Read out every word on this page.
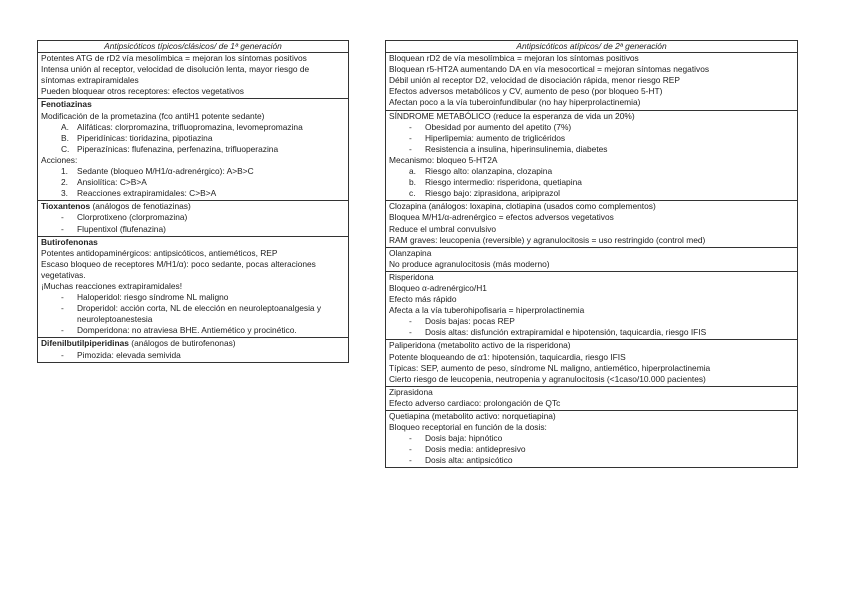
Antipsicóticos típicos/clásicos/ de 1ª generación
Potentes ATG de rD2 vía mesolímbica = mejoran los síntomas positivos
Intensa unión al receptor, velocidad de disolución lenta, mayor riesgo de síntomas extrapiramidales
Pueden bloquear otros receptores: efectos vegetativos
Fenotiazinas
Modificación de la prometazina (fco antiH1 potente sedante)
A. Alifáticas: clorpromazina, trifluopromazina, levomepromazina
B. Piperidínicas: tioridazina, pipotiazina
C. Piperazínicas: flufenazina, perfenazina, trifluoperazina
Acciones:
1. Sedante (bloqueo M/H1/α-adrenérgico): A>B>C
2. Ansiolítica: C>B>A
3. Reacciones extrapiramidales: C>B>A
Tioxantenos (análogos de fenotiazinas)
- Clorprotixeno (clorpromazina)
- Flupentixol (flufenazina)
Butirofenonas
Potentes antidopaminérgicos: antipsicóticos, antieméticos, REP
Escaso bloqueo de receptores M/H1/α): poco sedante, pocas alteraciones vegetativas.
¡Muchas reacciones extrapiramidales!
- Haloperidol: riesgo síndrome NL maligno
- Droperidol: acción corta, NL de elección en neuroleptoanalgesia y neuroleptoanestesia
- Domperidona: no atraviesa BHE. Antiemético y procinético.
Difenilbutilpiperidinas (análogos de butirofenonas)
- Pimozida: elevada semivida
Antipsicóticos atípicos/ de 2ª generación
Bloquean rD2 de vía mesolímbica = mejoran los síntomas positivos
Bloquean r5-HT2A aumentando DA en vía mesocortical = mejoran síntomas negativos
Débil unión al receptor D2, velocidad de disociación rápida, menor riesgo REP
Efectos adversos metabólicos y CV, aumento de peso (por bloqueo 5-HT)
Afectan poco a la vía tuberoinfundibular (no hay hiperprolactinemia)
SÍNDROME METABÓLICO (reduce la esperanza de vida un 20%)
- Obesidad por aumento del apetito (7%)
- Hiperlipemia: aumento de triglicéridos
- Resistencia a insulina, hiperinsulinemia, diabetes
Mecanismo: bloqueo 5-HT2A
a. Riesgo alto: olanzapina, clozapina
b. Riesgo intermedio: risperidona, quetiapina
c. Riesgo bajo: ziprasidona, aripiprazol
Clozapina (análogos: loxapina, clotiapina (usados como complementos)
Bloquea M/H1/α-adrenérgico = efectos adversos vegetativos
Reduce el umbral convulsivo
RAM graves: leucopenia (reversible) y agranulocitosis = uso restringido (control med)
Olanzapina
No produce agranulocitosis (más moderno)
Risperidona
Bloqueo α-adrenérgico/H1
Efecto más rápido
Afecta a la vía tuberohipofisaria = hiperprolactinemia
- Dosis bajas: pocas REP
- Dosis altas: disfunción extrapiramidal e hipotensión, taquicardia, riesgo IFIS
Paliperidona (metabolito activo de la risperidona)
Potente bloqueando de α1: hipotensión, taquicardia, riesgo IFIS
Típicas: SEP, aumento de peso, síndrome NL maligno, antiemético, hiperprolactinemia
Cierto riesgo de leucopenia, neutropenia y agranulocitosis (<1caso/10.000 pacientes)
Ziprasidona
Efecto adverso cardiaco: prolongación de QTc
Quetiapina (metabolito activo: norquetiapina)
Bloqueo receptorial en función de la dosis:
- Dosis baja: hipnótico
- Dosis media: antidepresivo
- Dosis alta: antipsicótico
